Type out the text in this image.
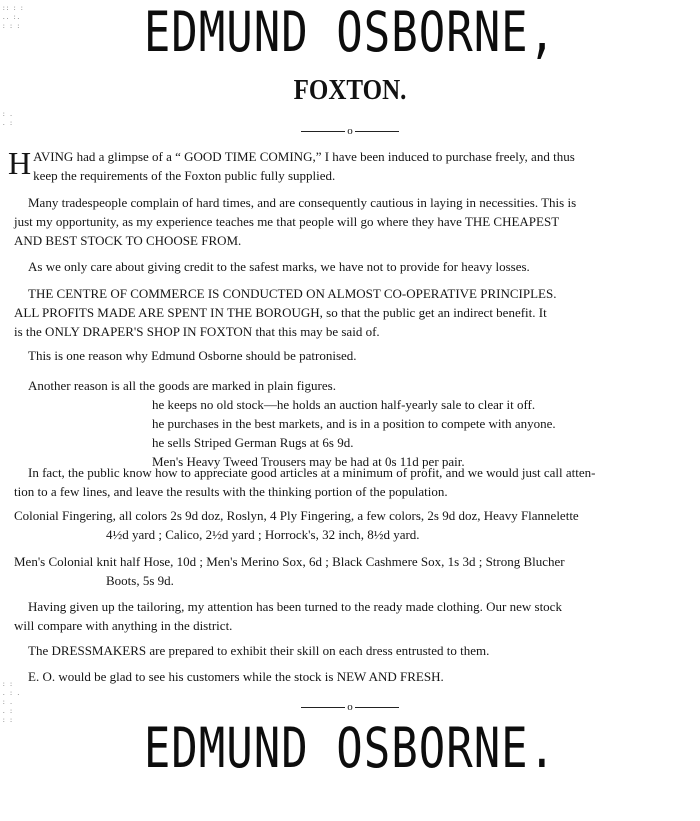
:: : :
.. :.
: : :
: .
. :
: :
. : .
: .
. :
: :
EDMUND OSBORNE,
FOXTON.
o
H AVING had a glimpse of a “ GOOD TIME COMING,” I have been induced to purchase freely, and thus
keep the requirements of the Foxton public fully supplied.
Many tradespeople complain of hard times, and are consequently cautious in laying in necessities. This is
just my opportunity, as my experience teaches me that people will go where they have THE CHEAPEST
AND BEST STOCK TO CHOOSE FROM.
As we only care about giving credit to the safest marks, we have not to provide for heavy losses.
THE CENTRE OF COMMERCE IS CONDUCTED ON ALMOST CO-OPERATIVE PRINCIPLES.
ALL PROFITS MADE ARE SPENT IN THE BOROUGH, so that the public get an indirect benefit. It
is the ONLY DRAPER'S SHOP IN FOXTON that this may be said of.
This is one reason why Edmund Osborne should be patronised.
Another reason is all the goods are marked in plain figures.
he keeps no old stock—he holds an auction half-yearly sale to clear it off.
he purchases in the best markets, and is in a position to compete with anyone.
he sells Striped German Rugs at 6s 9d.
Men's Heavy Tweed Trousers may be had at 0s 11d per pair.
In fact, the public know how to appreciate good articles at a minimum of profit, and we would just call atten-
tion to a few lines, and leave the results with the thinking portion of the population.
Colonial Fingering, all colors 2s 9d doz, Roslyn, 4 Ply Fingering, a few colors, 2s 9d doz, Heavy Flannelette
4½d yard ; Calico, 2½d yard ; Horrock's, 32 inch, 8½d yard.
Men's Colonial knit half Hose, 10d ; Men's Merino Sox, 6d ; Black Cashmere Sox, 1s 3d ; Strong Blucher
Boots, 5s 9d.
Having given up the tailoring, my attention has been turned to the ready made clothing. Our new stock
will compare with anything in the district.
The DRESSMAKERS are prepared to exhibit their skill on each dress entrusted to them.
E. O. would be glad to see his customers while the stock is NEW AND FRESH.
o
EDMUND OSBORNE.
